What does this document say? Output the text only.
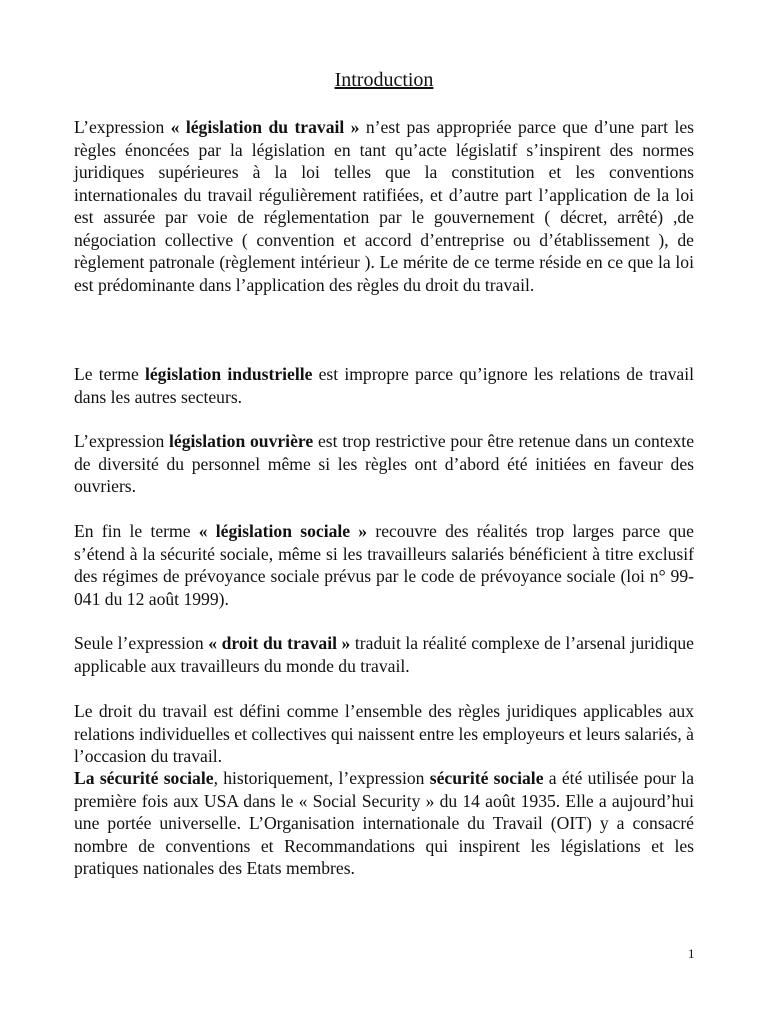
Introduction
L’expression « législation du travail » n’est pas appropriée parce que d’une part les règles énoncées par la législation en tant qu’acte législatif s’inspirent des normes juridiques supérieures à la loi telles que la constitution et les conventions internationales du travail régulièrement ratifiées, et d’autre part l’application de la loi est assurée par voie de réglementation par le gouvernement ( décret, arrêté) ,de négociation collective ( convention et accord d’entreprise ou d’établissement ), de règlement patronale (règlement intérieur ). Le mérite de ce terme réside en ce que la loi est prédominante dans l’application des règles du droit du travail.
Le terme législation industrielle est impropre parce qu’ignore les relations de travail dans les autres secteurs.
L’expression législation ouvrière est trop restrictive pour être retenue dans un contexte de diversité du personnel même si les règles ont d’abord été initiées en faveur des ouvriers.
En fin le terme « législation sociale » recouvre des réalités trop larges parce que s’étend à la sécurité sociale, même si les travailleurs salariés bénéficient à titre exclusif des régimes de prévoyance sociale prévus par le code de prévoyance sociale (loi n° 99-041 du 12 août 1999).
Seule l’expression « droit du travail » traduit la réalité complexe de l’arsenal juridique applicable aux travailleurs du monde du travail.
Le droit du travail est défini comme l’ensemble des règles juridiques applicables aux relations individuelles et collectives qui naissent entre les employeurs et leurs salariés, à l’occasion du travail.
La sécurité sociale, historiquement, l’expression sécurité sociale a été utilisée pour la première fois aux USA dans le « Social Security » du 14 août 1935. Elle a aujourd’hui une portée universelle. L’Organisation internationale du Travail (OIT) y a consacré nombre de conventions et Recommandations qui inspirent les législations et les pratiques nationales des Etats membres.
1
